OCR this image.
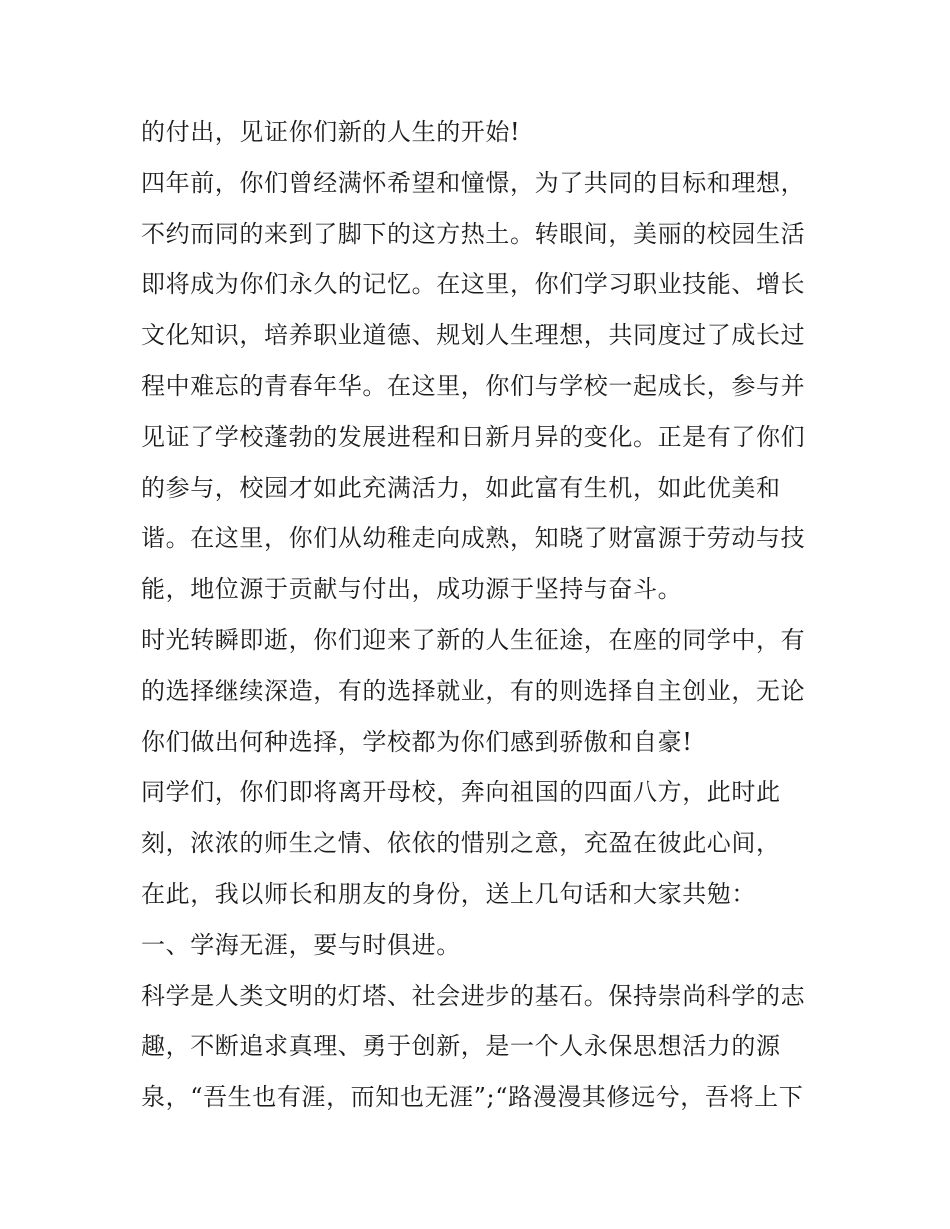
的付出，见证你们新的人生的开始!
四年前，你们曾经满怀希望和憧憬，为了共同的目标和理想，
不约而同的来到了脚下的这方热土。转眼间，美丽的校园生活
即将成为你们永久的记忆。在这里，你们学习职业技能、增长
文化知识，培养职业道德、规划人生理想，共同度过了成长过
程中难忘的青春年华。在这里，你们与学校一起成长，参与并
见证了学校蓬勃的发展进程和日新月异的变化。正是有了你们
的参与，校园才如此充满活力，如此富有生机，如此优美和
谐。在这里，你们从幼稚走向成熟，知晓了财富源于劳动与技
能，地位源于贡献与付出，成功源于坚持与奋斗。
时光转瞬即逝，你们迎来了新的人生征途，在座的同学中，有
的选择继续深造，有的选择就业，有的则选择自主创业，无论
你们做出何种选择，学校都为你们感到骄傲和自豪!
同学们，你们即将离开母校，奔向祖国的四面八方，此时此
刻，浓浓的师生之情、依依的惜别之意，充盈在彼此心间，
在此，我以师长和朋友的身份，送上几句话和大家共勉：
一、学海无涯，要与时俱进。
科学是人类文明的灯塔、社会进步的基石。保持崇尚科学的志
趣，不断追求真理、勇于创新，是一个人永保思想活力的源
泉，“吾生也有涯，而知也无涯”;“路漫漫其修远兮，吾将上下
